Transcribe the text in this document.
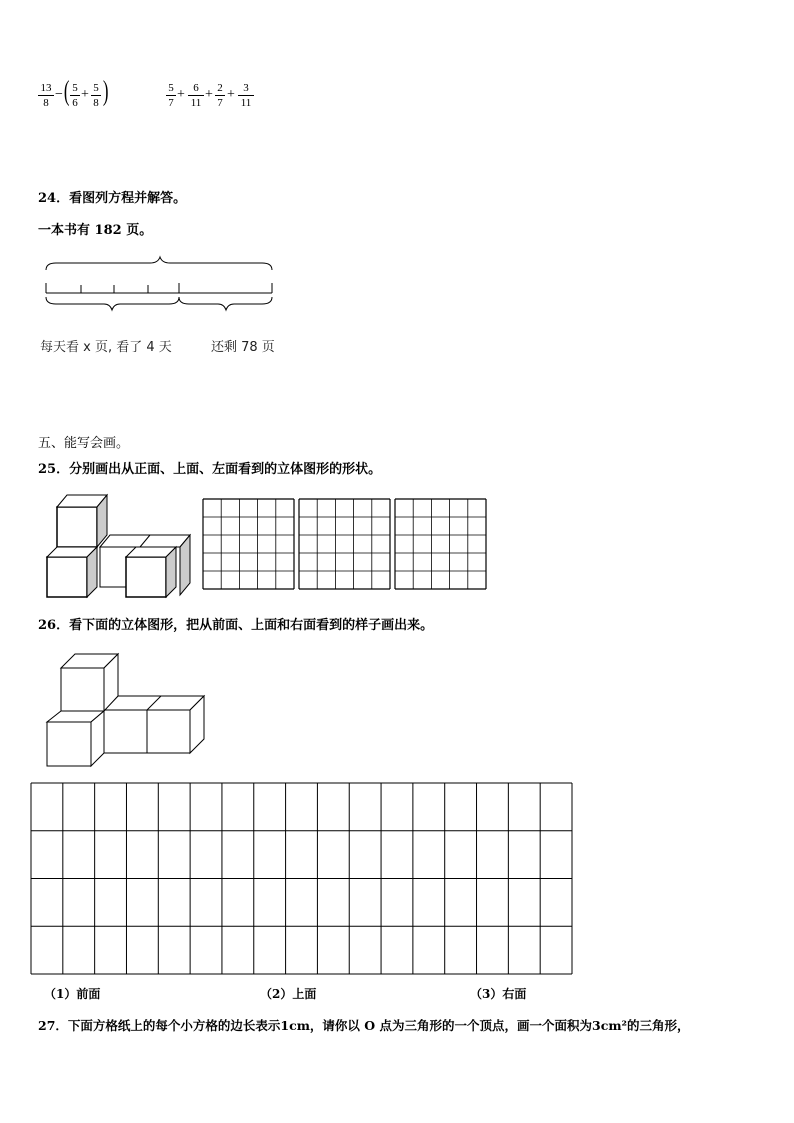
13
8
− ( 5
6
+ 5
8 )	5
7
+ 6
11
+ 2
7
+ 3
11
24．看图列方程并解答。
一本书有 182 页。
每天看 x 页, 看了 4 天	还剩 78 页
五、能写会画。
25．分别画出从正面、上面、左面看到的立体图形的形状。
26．看下面的立体图形，把从前面、上面和右面看到的样子画出来。
（1）前面	（2）上面	（3）右面
27．下面方格纸上的每个小方格的边长表示1cm，请你以 O 点为三角形的一个顶点，画一个面积为3cm²的三角形，
